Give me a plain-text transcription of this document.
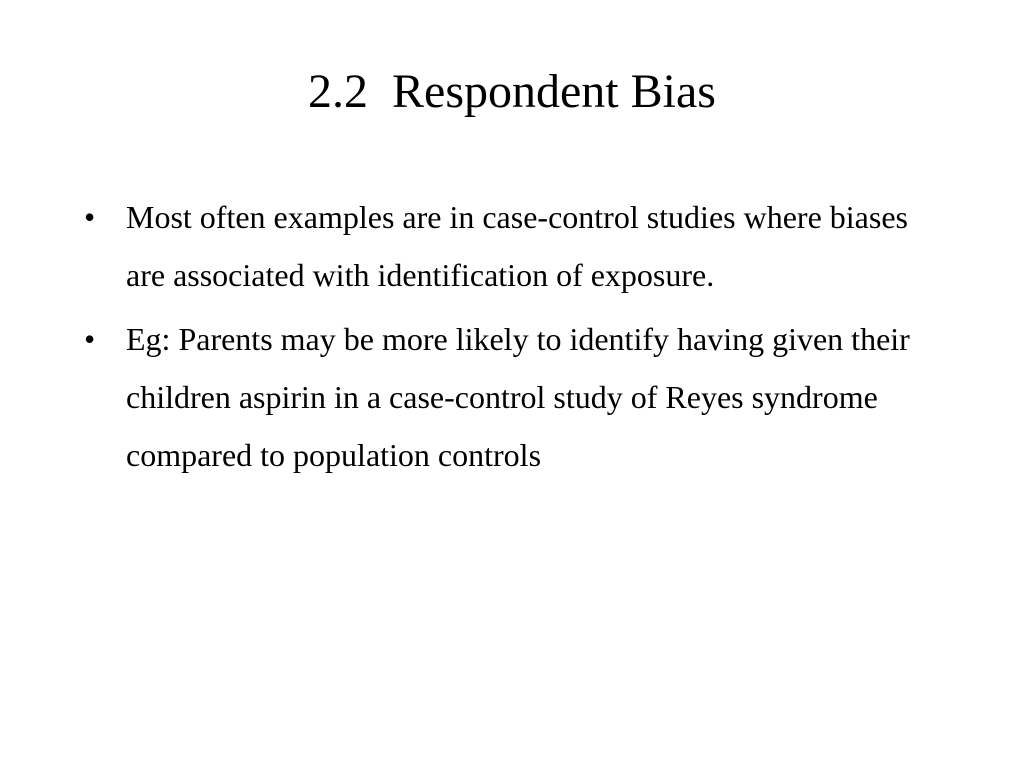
2.2  Respondent Bias
• Most often examples are in case-control studies where biases are associated with identification of exposure.
• Eg: Parents may be more likely to identify having given their children aspirin in a case-control study of Reyes syndrome compared to population controls
